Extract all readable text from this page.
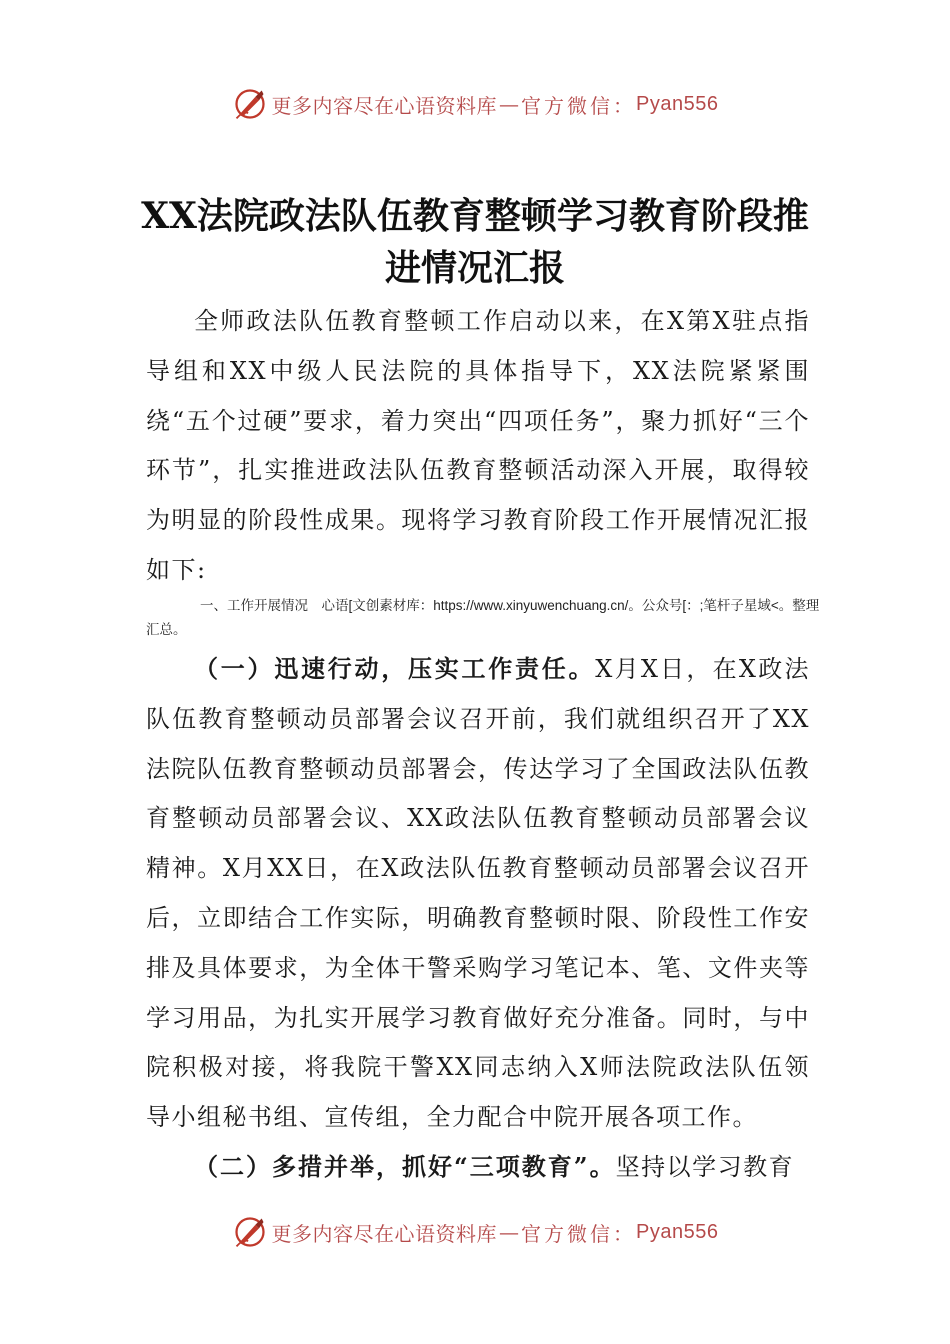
更多内容尽在心语资料库 — 官方微信： Pyan556
XX法院政法队伍教育整顿学习教育阶段推进情况汇报

全师政法队伍教育整顿工作启动以来，在X第X驻点指导组和XX中级人民法院的具体指导下，XX法院紧紧围绕“五个过硬”要求，着力突出“四项任务”，聚力抓好“三个环节”，扎实推进政法队伍教育整顿活动深入开展，取得较为明显的阶段性成果。现将学习教育阶段工作开展情况汇报如下:

一、工作开展情况　心语[文创素材库：https://www.xinyuwenchuang.cn/。公众号[：;笔杆子星域<。整理汇总。

（一）迅速行动，压实工作责任。X月X日，在X政法队伍教育整顿动员部署会议召开前，我们就组织召开了XX法院队伍教育整顿动员部署会，传达学习了全国政法队伍教育整顿动员部署会议、XX政法队伍教育整顿动员部署会议精神。X月XX日，在X政法队伍教育整顿动员部署会议召开后，立即结合工作实际，明确教育整顿时限、阶段性工作安排及具体要求，为全体干警采购学习笔记本、笔、文件夹等学习用品，为扎实开展学习教育做好充分准备。同时，与中院积极对接，将我院干警XX同志纳入X师法院政法队伍领导小组秘书组、宣传组，全力配合中院开展各项工作。

（二）多措并举，抓好“三项教育”。坚持以学习教育

更多内容尽在心语资料库 — 官方微信： Pyan556
